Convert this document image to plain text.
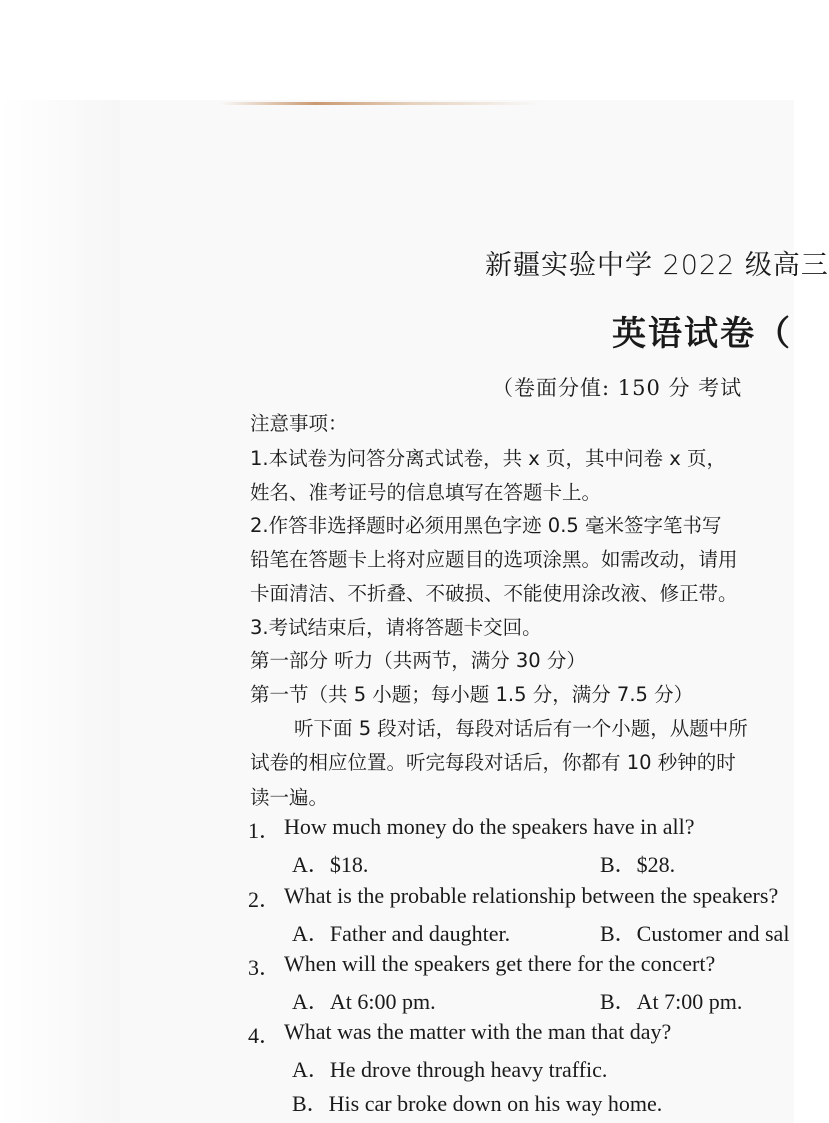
新疆实验中学 2022 级高三
英语试卷（
（卷面分值: 150 分 考试
注意事项：
1.本试卷为问答分离式试卷，共 x 页，其中问卷 x 页，
姓名、准考证号的信息填写在答题卡上。
2.作答非选择题时必须用黑色字迹 0.5 毫米签字笔书写
铅笔在答题卡上将对应题目的选项涂黑。如需改动，请用
卡面清洁、不折叠、不破损、不能使用涂改液、修正带。
3.考试结束后，请将答题卡交回。
第一部分 听力（共两节，满分 30 分）
第一节（共 5 小题；每小题 1.5 分，满分 7.5 分）
听下面 5 段对话，每段对话后有一个小题，从题中所
试卷的相应位置。听完每段对话后，你都有 10 秒钟的时
读一遍。
1． How much money do the speakers have in all?
A．$18.	B．$28.
2． What is the probable relationship between the speakers?
A．Father and daughter.	B．Customer and sal
3． When will the speakers get there for the concert?
A．At 6:00 pm.	B．At 7:00 pm.
4． What was the matter with the man that day?
A．He drove through heavy traffic.
B．His car broke down on his way home.
